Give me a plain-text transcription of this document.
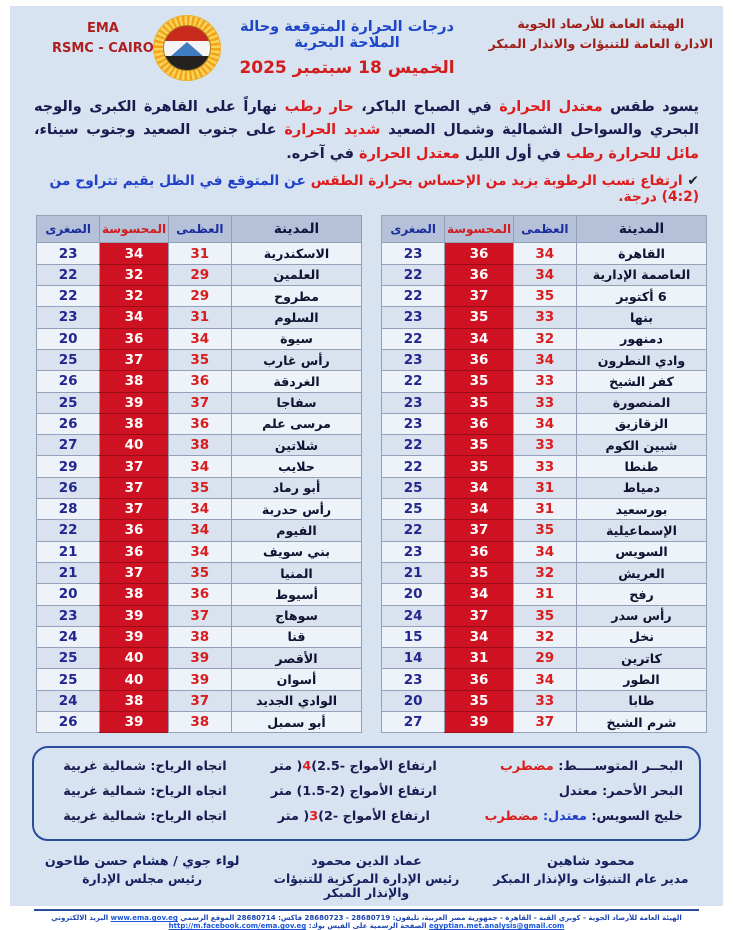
الهيئة العامة للأرصاد الجوية
الادارة العامة للتنبؤات والانذار المبكر
درجات الحرارة المتوقعة وحالة الملاحة البحرية
الخميس 18 سبتمبر 2025
EMA
RSMC - CAIRO
يسود طقس معتدل الحرارة في الصباح الباكر، حار رطب نهاراً على القاهرة الكبرى والوجه البحري والسواحل الشمالية وشمال الصعيد شديد الحرارة على جنوب الصعيد وجنوب سيناء، مائل للحرارة رطب في أول الليل معتدل الحرارة في آخره.
✔ ارتفاع نسب الرطوبة يزيد من الإحساس بحرارة الطقس عن المتوقع في الظل بقيم تتراوح من (4:2) درجة.
المدينة	العظمى	المحسوسة	الصغرى
القاهرة	34	36	23
العاصمة الإدارية	34	36	22
6 أكتوبر	35	37	22
بنها	33	35	23
دمنهور	32	34	22
وادي النطرون	34	36	23
كفر الشيخ	33	35	22
المنصورة	33	35	23
الزقازيق	34	36	23
شبين الكوم	33	35	22
طنطا	33	35	22
دمياط	31	34	25
بورسعيد	31	34	25
الإسماعيلية	35	37	22
السويس	34	36	23
العريش	32	35	21
رفح	31	34	20
رأس سدر	35	37	24
نخل	32	34	15
كاترين	29	31	14
الطور	34	36	23
طابا	33	35	20
شرم الشيخ	37	39	27
المدينة	العظمى	المحسوسة	الصغرى
الاسكندرية	31	34	23
العلمين	29	32	22
مطروح	29	32	22
السلوم	31	34	23
سيوة	34	36	20
رأس غارب	35	37	25
الغردقة	36	38	26
سفاجا	37	39	25
مرسى علم	36	38	26
شلاتين	38	40	27
حلايب	34	37	29
أبو رماد	35	37	26
رأس حدربة	34	37	28
الفيوم	34	36	22
بني سويف	34	36	21
المنيا	35	37	21
أسيوط	36	38	20
سوهاج	37	39	23
قنا	38	39	24
الأقصر	39	40	25
أسوان	39	40	25
الوادي الجديد	37	38	24
أبو سمبل	38	39	26
البحــر المتوســــط: مضطرب
ارتفاع الأمواج (2.5-4) متر
اتجاه الرياح: شمالية غربية
البحر الأحمر: معتدل
ارتفاع الأمواج (1.5-2) متر
اتجاه الرياح: شمالية غربية
خليج السويس: معتدل: مضطرب
ارتفاع الأمواج (2-3) متر
اتجاه الرياح: شمالية غربية
محمود شاهين
مدير عام التنبؤات والإنذار المبكر
عماد الدين محمود
رئيس الإدارة المركزية للتنبؤات والإنذار المبكر
لواء جوي / هشام حسن طاحون
رئيس مجلس الإدارة
الهيئة العامة للأرصاد الجوية - كوبري القبة - القاهرة - جمهورية مصر العربية، تليفون: 28680719 - 28680723 فاكس: 28680714 الموقع الرسمي www.ema.gov.eg البريد الالكتروني egyptian.met.analysis@gmail.com الصفحة الرسمية على الفيس بوك: http://m.facebook.com/ema.gov.eg
